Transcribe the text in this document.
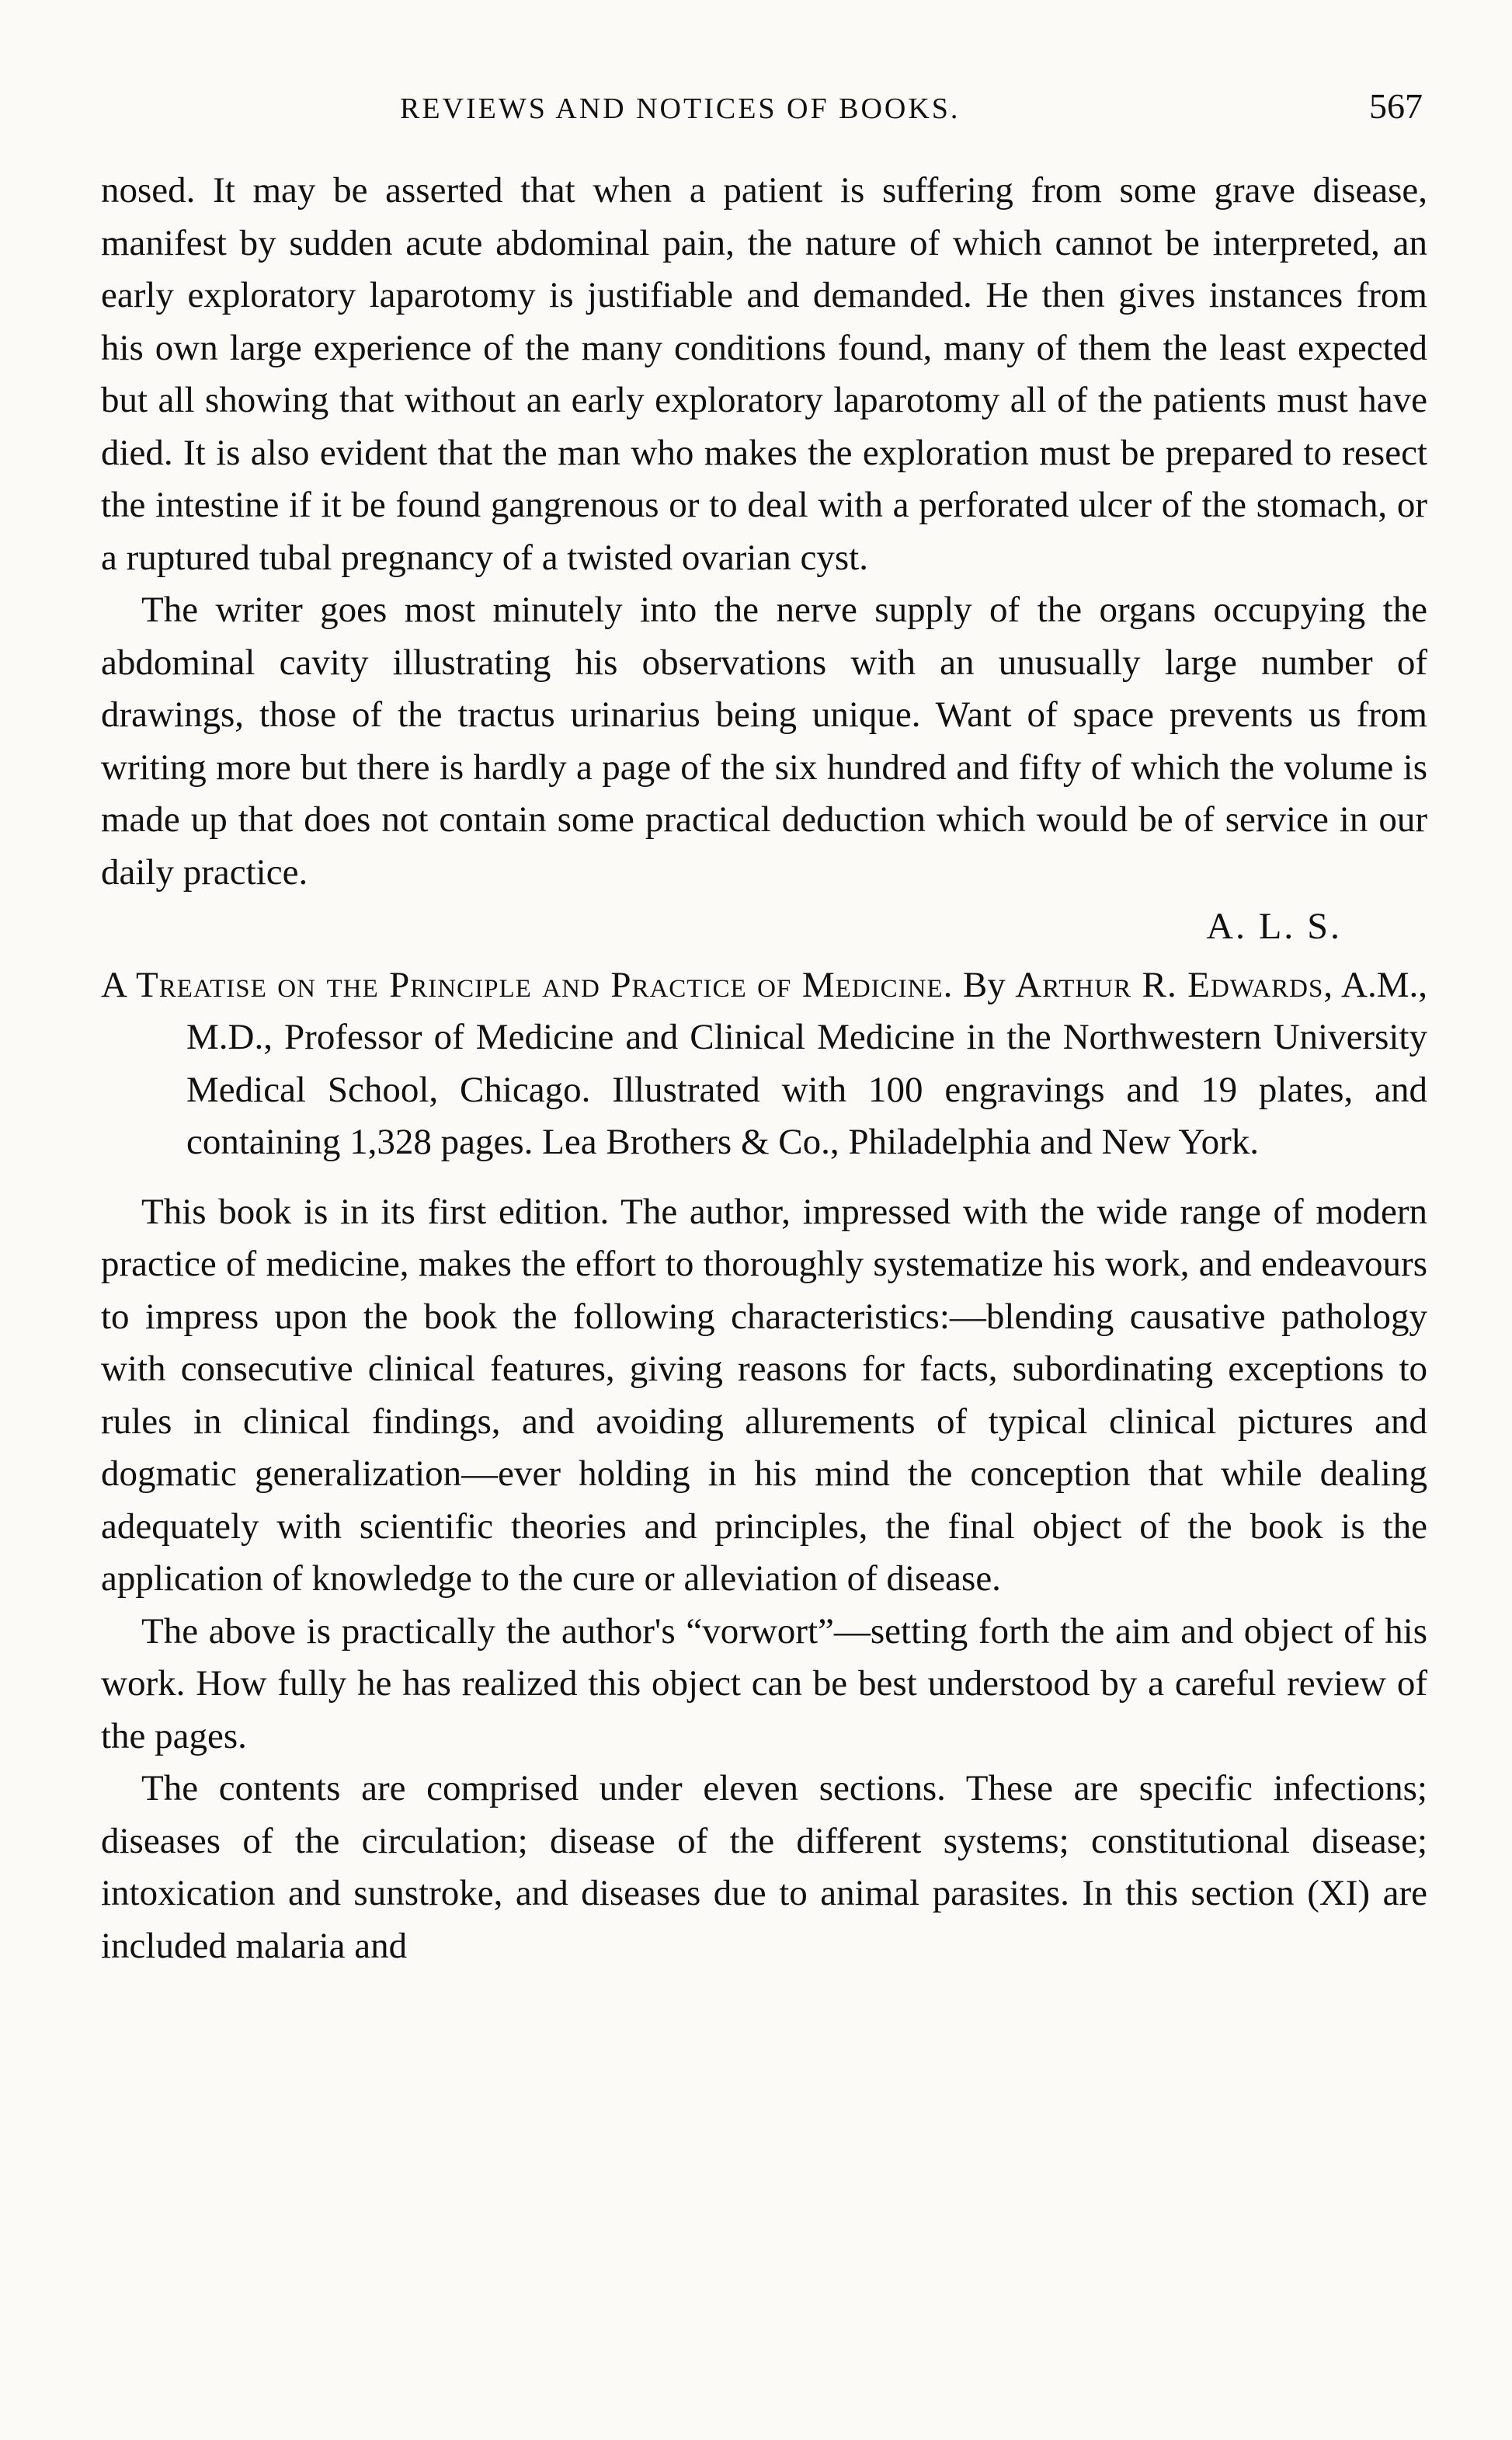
REVIEWS AND NOTICES OF BOOKS.	567

nosed. It may be asserted that when a patient is suffering from some grave disease, manifest by sudden acute abdominal pain, the nature of which cannot be interpreted, an early exploratory laparotomy is justifiable and demanded. He then gives instances from his own large experience of the many conditions found, many of them the least expected but all showing that without an early exploratory laparotomy all of the patients must have died. It is also evident that the man who makes the exploration must be prepared to resect the intestine if it be found gangrenous or to deal with a perforated ulcer of the stomach, or a ruptured tubal pregnancy of a twisted ovarian cyst.

The writer goes most minutely into the nerve supply of the organs occupying the abdominal cavity illustrating his observations with an unusually large number of drawings, those of the tractus urinarius being unique. Want of space prevents us from writing more but there is hardly a page of the six hundred and fifty of which the volume is made up that does not contain some practical deduction which would be of service in our daily practice.

A. L. S.

A Treatise on the Principle and Practice of Medicine. By Arthur R. Edwards, A.M., M.D., Professor of Medicine and Clinical Medicine in the Northwestern University Medical School, Chicago. Illustrated with 100 engravings and 19 plates, and containing 1,328 pages. Lea Brothers & Co., Philadelphia and New York.

This book is in its first edition. The author, impressed with the wide range of modern practice of medicine, makes the effort to thoroughly systematize his work, and endeavours to impress upon the book the following characteristics:—blending causative pathology with consecutive clinical features, giving reasons for facts, subordinating exceptions to rules in clinical findings, and avoiding allurements of typical clinical pictures and dogmatic generalization—ever holding in his mind the conception that while dealing adequately with scientific theories and principles, the final object of the book is the application of knowledge to the cure or alleviation of disease.

The above is practically the author's “vorwort”—setting forth the aim and object of his work. How fully he has realized this object can be best understood by a careful review of the pages.

The contents are comprised under eleven sections. These are specific infections; diseases of the circulation; disease of the different systems; constitutional disease; intoxication and sunstroke, and diseases due to animal parasites. In this section (XI) are included malaria and
